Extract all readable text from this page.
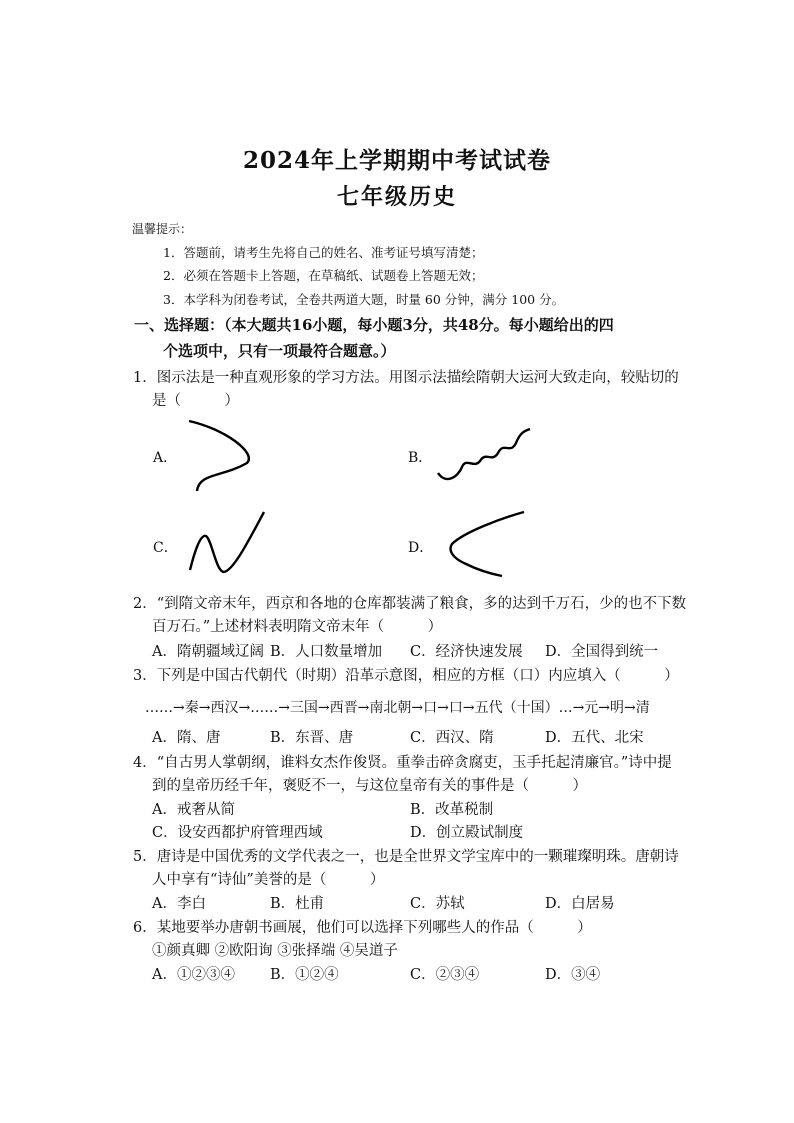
2024年上学期期中考试试卷
七年级历史
温馨提示：
1．答题前，请考生先将自己的姓名、准考证号填写清楚；
2．必须在答题卡上答题，在草稿纸、试题卷上答题无效；
3．本学科为闭卷考试，全卷共两道大题，时量 60 分钟，满分 100 分。
一、选择题：（本大题共16小题，每小题3分，共48分。每小题给出的四
个选项中，只有一项最符合题意。）
1．图示法是一种直观形象的学习方法。用图示法描绘隋朝大运河大致走向，较贴切的
是（　　　）
A．	B．
C．	D．
2．“到隋文帝末年，西京和各地的仓库都装满了粮食，多的达到千万石，少的也不下数
百万石。”上述材料表明隋文帝末年（　　　）
A．隋朝疆域辽阔 B．人口数量增加 C．经济快速发展 D．全国得到统一
3．下列是中国古代朝代（时期）沿革示意图，相应的方框（口）内应填入（　　　）
……→秦→西汉→……→三国→西晋→南北朝→口→口→五代（十国）…→元→明→清
A．隋、唐	B．东晋、唐	C．西汉、隋	D．五代、北宋
4．“自古男人掌朝纲，谁料女杰作俊贤。重拳击碎贪腐吏，玉手托起清廉官。”诗中提
到的皇帝历经千年，褒贬不一，与这位皇帝有关的事件是（　　　）
A．戒奢从简	B．改革税制
C．设安西都护府管理西域	D．创立殿试制度
5．唐诗是中国优秀的文学代表之一，也是全世界文学宝库中的一颗璀璨明珠。唐朝诗
人中享有“诗仙”美誉的是（　　　）
A．李白	B．杜甫	C．苏轼	D．白居易
6．某地要举办唐朝书画展，他们可以选择下列哪些人的作品（　　　）
①颜真卿 ②欧阳询 ③张择端 ④吴道子
A．①②③④ B．①②④	C．②③④	D．③④
